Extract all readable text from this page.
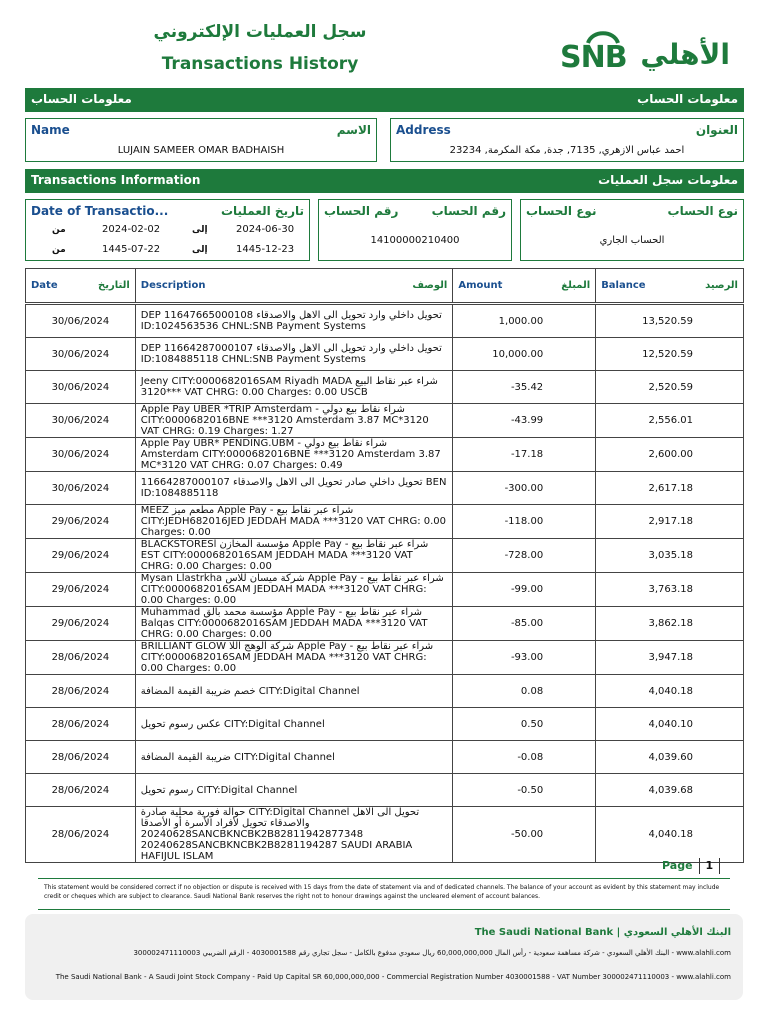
سجل العمليات الإلكتروني
Transactions History	SNB الأهلي
معلومات الحساب	معلومات الحساب
Name	الاسم
LUJAIN SAMEER OMAR BADHAISH
Address	العنوان
احمد عباس الازهري, 7135, جدة, مكة المكرمة, 23234
Transactions Information	معلومات سجل العمليات
Date of Transactio...	تاريخ العمليات
من	2024-02-02	إلى	2024-06-30
من	1445-07-22	إلى	1445-12-23
رقم الحساب	رقم الحساب
14100000210400
نوع الحساب	نوع الحساب
الحساب الجاري
Date التاريخ	Description الوصف	Amount المبلغ	Balance الرصيد

30/06/2024	DEP 11647665000108 تحويل داخلي وارد تحويل الى الاهل والاصدقاء ID:1024563536 CHNL:SNB Payment Systems	1,000.00	13,520.59
30/06/2024	DEP 11664287000107 تحويل داخلي وارد تحويل الى الاهل والاصدقاء ID:1084885118 CHNL:SNB Payment Systems	10,000.00	12,520.59
30/06/2024	Jeeny CITY:0000682016SAM Riyadh MADA شراء عبر نقاط البيع ***3120 VAT CHRG: 0.00 Charges: 0.00 USCB	-35.42	2,520.59
30/06/2024	Apple Pay UBER *TRIP Amsterdam - شراء نقاط بيع دولي CITY:0000682016BNE ***3120 Amsterdam 3.87 MC*3120 VAT CHRG: 0.19 Charges: 1.27	-43.99	2,556.01
30/06/2024	Apple Pay UBR* PENDING.UBM - شراء نقاط بيع دولي Amsterdam CITY:0000682016BNE ***3120 Amsterdam 3.87 MC*3120 VAT CHRG: 0.07 Charges: 0.49	-17.18	2,600.00
30/06/2024	11664287000107 تحويل داخلي صادر تحويل الى الاهل والاصدقاء BEN ID:1084885118	-300.00	2,617.18
29/06/2024	MEEZ مطعم ميز Apple Pay - شراء عبر نقاط بيع CITY:JEDH682016JED JEDDAH MADA ***3120 VAT CHRG: 0.00 Charges: 0.00	-118.00	2,917.18
29/06/2024	BLACKSTORESl مؤسسة المخازن Apple Pay - شراء عبر نقاط بيع EST CITY:0000682016SAM JEDDAH MADA ***3120 VAT CHRG: 0.00 Charges: 0.00	-728.00	3,035.18
29/06/2024	Mysan Llastrkha شركة ميسان للاس Apple Pay - شراء عبر نقاط بيع CITY:0000682016SAM JEDDAH MADA ***3120 VAT CHRG: 0.00 Charges: 0.00	-99.00	3,763.18
29/06/2024	Muhammad مؤسسة محمد بالق Apple Pay - شراء عبر نقاط بيع Balqas CITY:0000682016SAM JEDDAH MADA ***3120 VAT CHRG: 0.00 Charges: 0.00	-85.00	3,862.18
28/06/2024	BRILLIANT GLOW شركة الوهج اللا Apple Pay - شراء عبر نقاط بيع CITY:0000682016SAM JEDDAH MADA ***3120 VAT CHRG: 0.00 Charges: 0.00	-93.00	3,947.18
28/06/2024	خصم ضريبة القيمة المضافة CITY:Digital Channel	0.08	4,040.18
28/06/2024	عكس رسوم تحويل CITY:Digital Channel	0.50	4,040.10
28/06/2024	ضريبة القيمة المضافة CITY:Digital Channel	-0.08	4,039.60
28/06/2024	رسوم تحويل CITY:Digital Channel	-0.50	4,039.68
28/06/2024	حوالة فورية محلية صادرة CITY:Digital Channel تحويل الى الاهل والاصدقاء تحويل لأفراد الأسرة أو الأصدقا 20240628SANCBKNCBK2B82811942877348 20240628SANCBKNCBK2B8281194287 SAUDI ARABIA HAFIJUL ISLAM	-50.00	4,040.18
Page 1
This statement would be considered correct if no objection or dispute is received with 15 days from the date of statement via and of dedicated channels. The balance of your account as evident by this statement may include credit or cheques which are subject to clearance. Saudi National Bank reserves the right not to honour drawings against the uncleared element of account balances.
The Saudi National Bank | البنك الأهلي السعودي
البنك الأهلي السعودي - شركة مساهمة سعودية - رأس المال 60,000,000,000 ريال سعودي مدفوع بالكامل - سجل تجاري رقم 4030001588 - الرقم الضريبي 300002471110003 - www.alahli.com
The Saudi National Bank - A Saudi Joint Stock Company - Paid Up Capital SR 60,000,000,000 - Commercial Registration Number 4030001588 - VAT Number 300002471110003 - www.alahli.com
